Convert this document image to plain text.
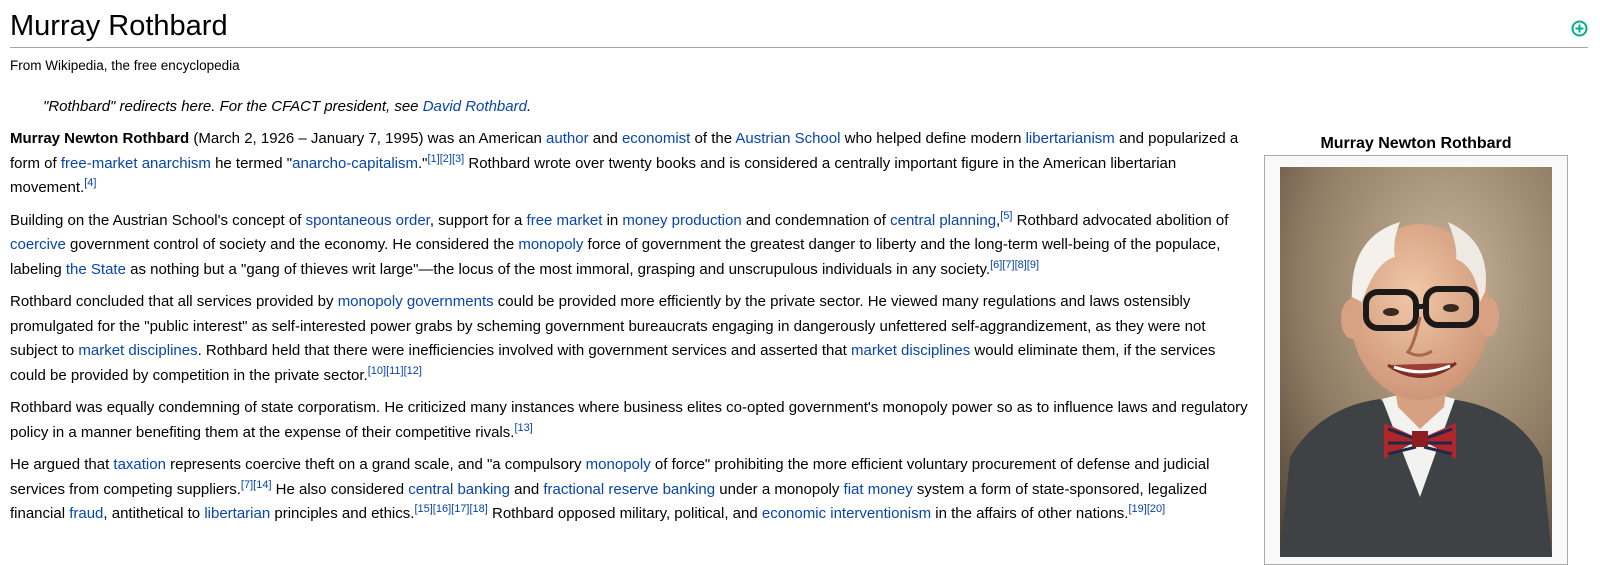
Murray Rothbard
From Wikipedia, the free encyclopedia
"Rothbard" redirects here. For the CFACT president, see David Rothbard.

Murray Newton Rothbard (March 2, 1926 – January 7, 1995) was an American author and economist of the Austrian School who helped define modern libertarianism and popularized a form of free-market anarchism he termed "anarcho-capitalism."[1][2][3] Rothbard wrote over twenty books and is considered a centrally important figure in the American libertarian movement.[4]

Building on the Austrian School's concept of spontaneous order, support for a free market in money production and condemnation of central planning,[5] Rothbard advocated abolition of coercive government control of society and the economy. He considered the monopoly force of government the greatest danger to liberty and the long-term well-being of the populace, labeling the State as nothing but a "gang of thieves writ large"—the locus of the most immoral, grasping and unscrupulous individuals in any society.[6][7][8][9]

Rothbard concluded that all services provided by monopoly governments could be provided more efficiently by the private sector. He viewed many regulations and laws ostensibly promulgated for the "public interest" as self-interested power grabs by scheming government bureaucrats engaging in dangerously unfettered self-aggrandizement, as they were not subject to market disciplines. Rothbard held that there were inefficiencies involved with government services and asserted that market disciplines would eliminate them, if the services could be provided by competition in the private sector.[10][11][12]

Rothbard was equally condemning of state corporatism. He criticized many instances where business elites co-opted government's monopoly power so as to influence laws and regulatory policy in a manner benefiting them at the expense of their competitive rivals.[13]

He argued that taxation represents coercive theft on a grand scale, and "a compulsory monopoly of force" prohibiting the more efficient voluntary procurement of defense and judicial services from competing suppliers.[7][14] He also considered central banking and fractional reserve banking under a monopoly fiat money system a form of state-sponsored, legalized financial fraud, antithetical to libertarian principles and ethics.[15][16][17][18] Rothbard opposed military, political, and economic interventionism in the affairs of other nations.[19][20]

Murray Newton Rothbard
